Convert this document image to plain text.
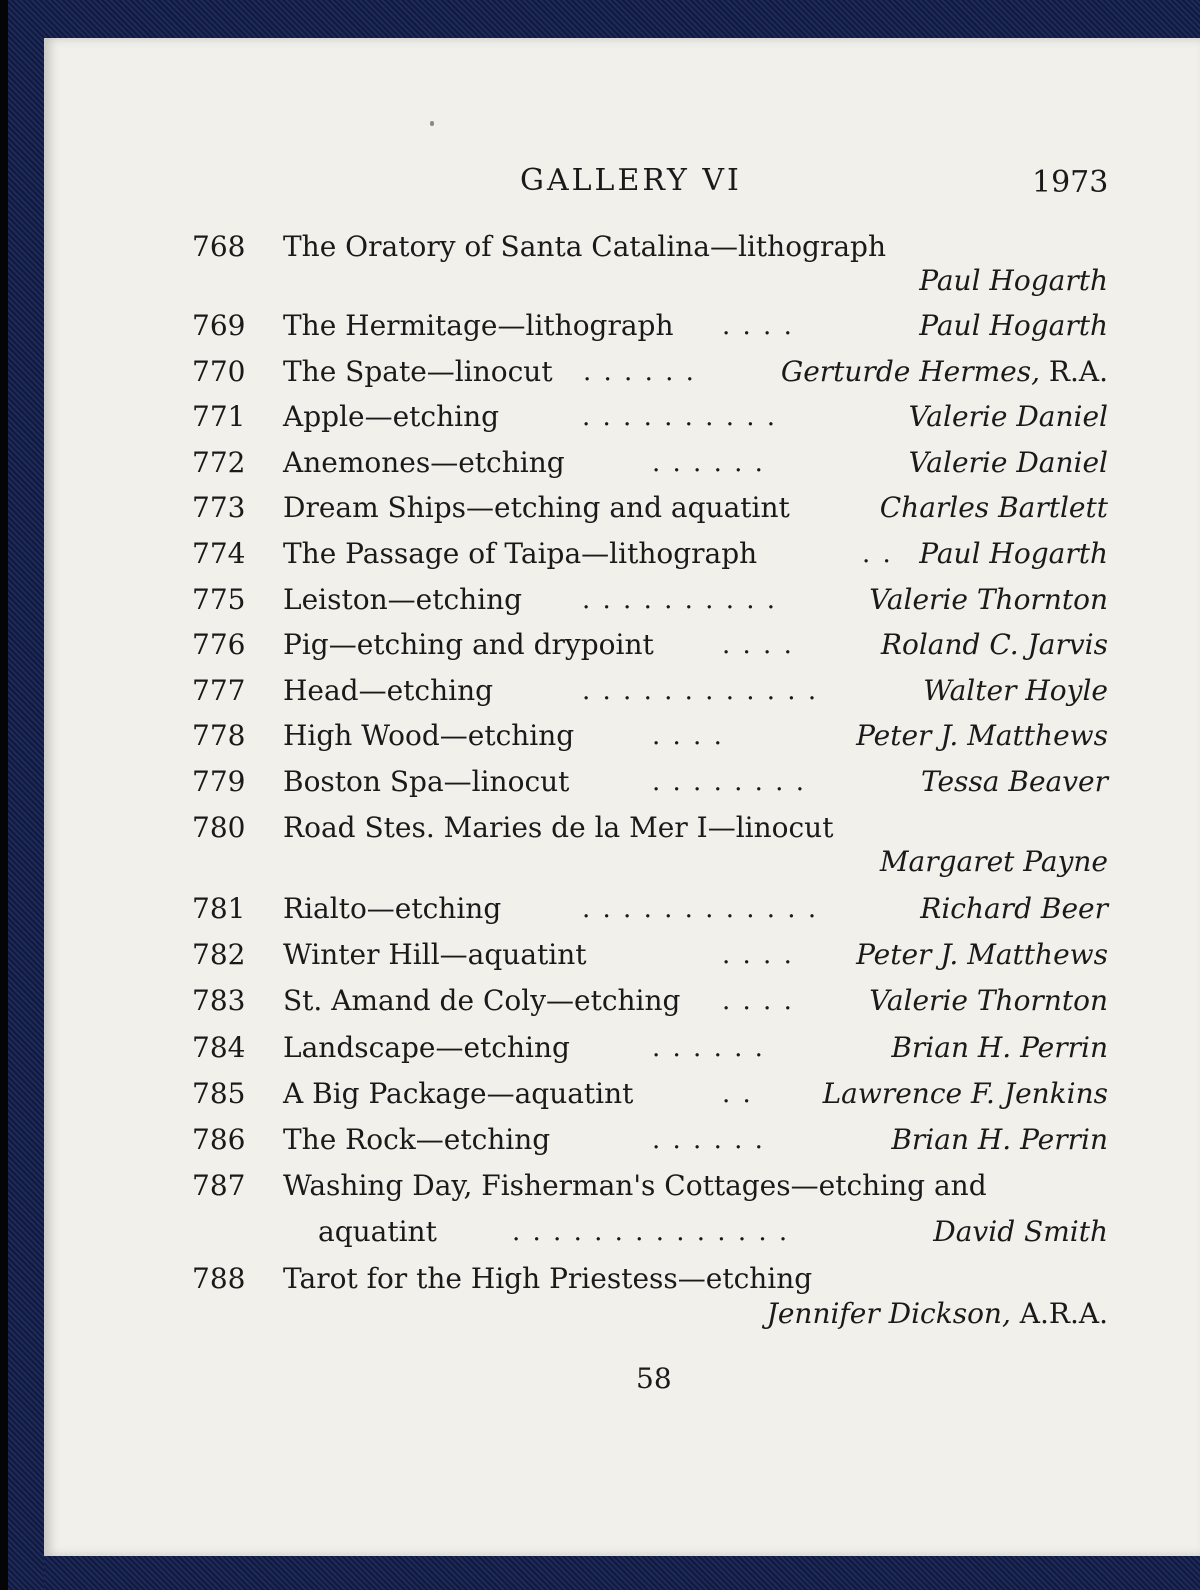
GALLERY VI	1973
768 The Oratory of Santa Catalina—lithograph
Paul Hogarth
769 The Hermitage—lithograph . . . .	Paul Hogarth
770 The Spate—linocut . . . . . .	Gerturde Hermes, R.A.
771 Apple—etching	. . . . . . . . . .	Valerie Daniel
772 Anemones—etching	. . . . . .	Valerie Daniel
773 Dream Ships—etching and aquatint	Charles Bartlett
774 The Passage of Taipa—lithograph	. . Paul Hogarth
775 Leiston—etching . . . . . . . . . .	Valerie Thornton
776 Pig—etching and drypoint	. . . .	Roland C. Jarvis
777 Head—etching	. . . . . . . . . . . .	Walter Hoyle
778 High Wood—etching	. . . .	Peter J. Matthews
779 Boston Spa—linocut	. . . . . . . .	Tessa Beaver
780 Road Stes. Maries de la Mer I—linocut
Margaret Payne
781 Rialto—etching	. . . . . . . . . . . .	Richard Beer
782 Winter Hill—aquatint	. . . . Peter J. Matthews
783 St. Amand de Coly—etching . . . .	Valerie Thornton
784 Landscape—etching	. . . . . .	Brian H. Perrin
785 A Big Package—aquatint	. . Lawrence F. Jenkins
786 The Rock—etching	. . . . . .	Brian H. Perrin
787 Washing Day, Fisherman's Cottages—etching and
aquatint	. . . . . . . . . . . . . .	David Smith
788 Tarot for the High Priestess—etching
Jennifer Dickson, A.R.A.
58
